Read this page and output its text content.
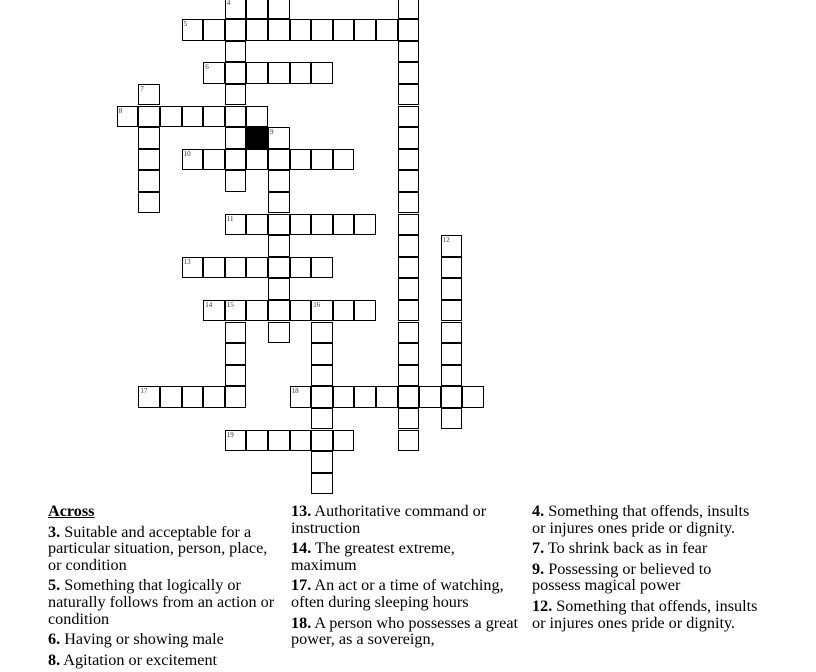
4
5
6
7
8
9
10
11
12
13
14 15	16
17	18
19
Across
3. Suitable and acceptable for a particular situation, person, place, or condition
5. Something that logically or naturally follows from an action or condition
6. Having or showing male
8. Agitation or excitement
13. Authoritative command or instruction
14. The greatest extreme, maximum
17. An act or a time of watching, often during sleeping hours
18. A person who possesses a great power, as a sovereign,
4. Something that offends, insults or injures ones pride or dignity.
7. To shrink back as in fear
9. Possessing or believed to possess magical power
12. Something that offends, insults or injures ones pride or dignity.
